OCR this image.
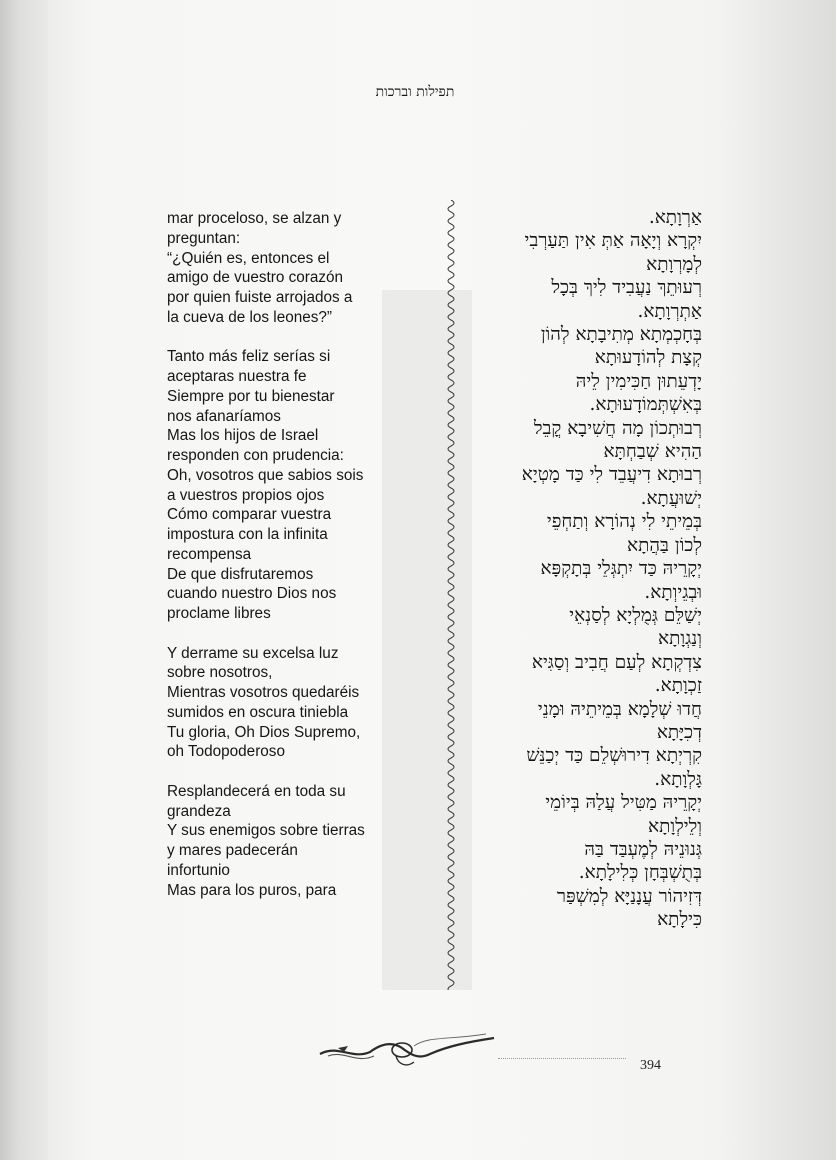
תפילות וברכות
mar proceloso, se alzan y
preguntan:
“¿Quién es, entonces el
amigo de vuestro corazón
por quien fuiste arrojados a
la cueva de los leones?”
Tanto más feliz serías si
aceptaras nuestra fe
Siempre por tu bienestar
nos afanaríamos
Mas los hijos de Israel
responden con prudencia:
Oh, vosotros que sabios sois
a vuestros propios ojos
Cómo comparar vuestra
impostura con la infinita
recompensa
De que disfrutaremos
cuando nuestro Dios nos
proclame libres
Y derrame su excelsa luz
sobre nosotros,
Mientras vosotros quedaréis
sumidos en oscura tiniebla
Tu gloria, Oh Dios Supremo,
oh Todopoderoso
Resplandecerá en toda su
grandeza
Y sus enemigos sobre tierras
y mares padecerán
infortunio
Mas para los puros, para
אַרְוָתָא.
יִקְרָא וְיָאָה אַתְּ אִין תַּעַרְבִי
לְמָרְוָתָא
רְעוּתֵךְ נַעֲבִיד לִיךְ בְּכָל
אַתְרְוָתָא.
בְּחָכְמְתָא מְתִיבָתָא לְהוֹן
קְצָת לְהוֹדָעוּתָא
יָדְעֵתוּן חַכִּימִין לֵיהּ
בְּאִשְׁתְּמוֹדָעוּתָא.
רְבוּתְכוֹן מָה חֲשִׁיבָא קֳבֵל
הַהִיא שְׁבַחְתָּא
רְבוּתָא דִיעֲבֵד לִי כַּד מָטְיָא
יְשׁוּעֲתָא.
בְּמֵיתֵי לִי נְהוֹרָא וְתַחְפֵי
לְכוֹן בַּהֲתָא
יְקָרֵיהּ כַּד יִתְגְּלֵי בְּתָקְפָּא
וּבְגֵיוְתָא.
יְשַׁלֵּם גְּמֻלְיָא לְסַנְאֵי
וְנַגְוָתָא
צִדְקְתָא לְעַם חֲבִיב וְסַגִּיא
זַכְוָתָא.
חֲדוּ שְׁלָמָא בְּמֵיתֵיהּ וּמָנֵי
דְכִיָּתָא
קִרְיְתָא דִירוּשְׁלֵם כַּד יְכַנֵּשׁ
גָּלְוָתָא.
יְקָרֵיהּ מַטִּיל עֲלַהּ בְּיוֹמֵי
וְלֵילְוָתָא
גְּנוּנֵיהּ לְמֶעְבַּד בַּהּ
בְּתֻשְׁבְּחָן כְּלִילָתָא.
דְּזִיהוֹר עֲנָנַיָּא לְמִשְׁפַּר
כִּילָתָא
394
